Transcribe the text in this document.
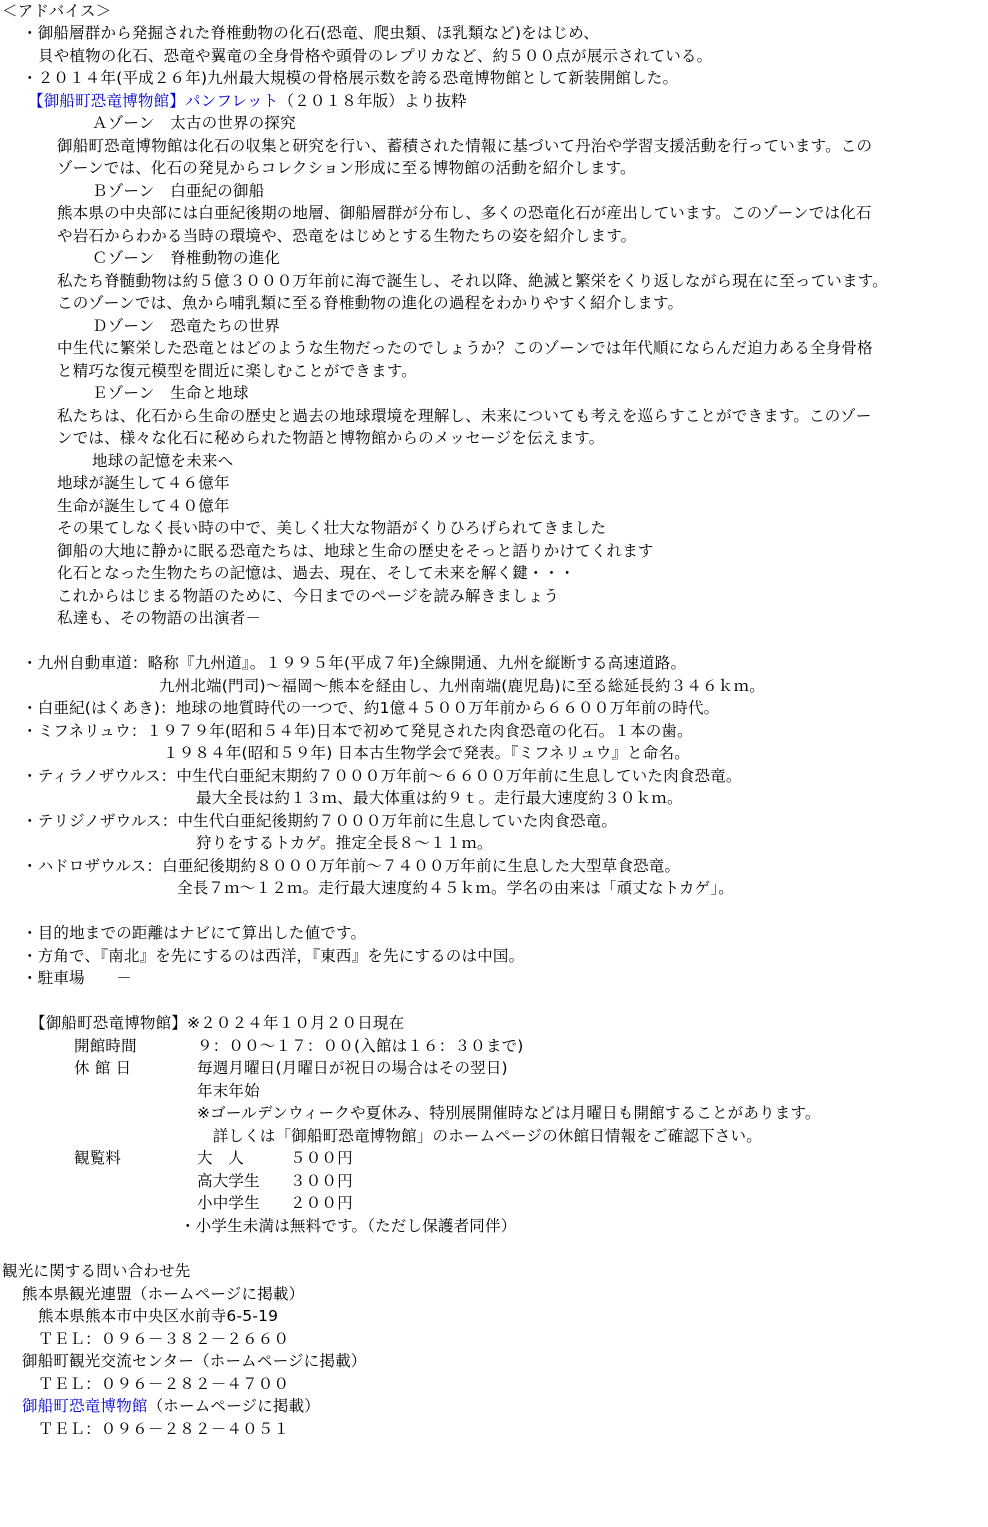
＜アドバイス＞
・御船層群から発掘された脊椎動物の化石(恐竜、爬虫類、ほ乳類など)をはじめ、
貝や植物の化石、恐竜や翼竜の全身骨格や頭骨のレプリカなど、約５００点が展示されている。
・２０１４年(平成２６年)九州最大規模の骨格展示数を誇る恐竜博物館として新装開館した。
【御船町恐竜博物館】パンフレット（２０１８年版）より抜粋
Ａゾーン　太古の世界の探究
御船町恐竜博物館は化石の収集と研究を行い、蓄積された情報に基づいて丹治や学習支援活動を行っています。この
ゾーンでは、化石の発見からコレクション形成に至る博物館の活動を紹介します。
Ｂゾーン　白亜紀の御船
熊本県の中央部には白亜紀後期の地層、御船層群が分布し、多くの恐竜化石が産出しています。このゾーンでは化石
や岩石からわかる当時の環境や、恐竜をはじめとする生物たちの姿を紹介します。
Ｃゾーン　脊椎動物の進化
私たち脊髄動物は約５億３０００万年前に海で誕生し、それ以降、絶滅と繁栄をくり返しながら現在に至っています。
このゾーンでは、魚から哺乳類に至る脊椎動物の進化の過程をわかりやすく紹介します。
Ｄゾーン　恐竜たちの世界
中生代に繁栄した恐竜とはどのような生物だったのでしょうか？このゾーンでは年代順にならんだ迫力ある全身骨格
と精巧な復元模型を間近に楽しむことができます。
Ｅゾーン　生命と地球
私たちは、化石から生命の歴史と過去の地球環境を理解し、未来についても考えを巡らすことができます。このゾー
ンでは、様々な化石に秘められた物語と博物館からのメッセージを伝えます。
地球の記憶を未来へ
地球が誕生して４６億年
生命が誕生して４０億年
その果てしなく長い時の中で、美しく壮大な物語がくりひろげられてきました
御船の大地に静かに眠る恐竜たちは、地球と生命の歴史をそっと語りかけてくれます
化石となった生物たちの記憶は、過去、現在、そして未来を解く鍵・・・
これからはじまる物語のために、今日までのページを読み解きましょう
私達も、その物語の出演者－
・九州自動車道：略称『九州道』。１９９５年(平成７年)全線開通、九州を縦断する高速道路。
九州北端(門司)～福岡～熊本を経由し、九州南端(鹿児島)に至る総延長約３４６ｋｍ。
・白亜紀(はくあき)：地球の地質時代の一つで、約1億４５００万年前から６６００万年前の時代。
・ミフネリュウ：１９７９年(昭和５４年)日本で初めて発見された肉食恐竜の化石。１本の歯。
１９８４年(昭和５９年) 日本古生物学会で発表。『ミフネリュウ』と命名。
・ティラノザウルス：中生代白亜紀末期約７０００万年前～６６００万年前に生息していた肉食恐竜。
最大全長は約１３ｍ、最大体重は約９ｔ。走行最大速度約３０ｋｍ。
・テリジノザウルス：中生代白亜紀後期約７０００万年前に生息していた肉食恐竜。
狩りをするトカゲ。推定全長８～１１ｍ。
・ハドロザウルス：白亜紀後期約８０００万年前～７４００万年前に生息した大型草食恐竜。
全長７ｍ～１２ｍ。走行最大速度約４５ｋｍ。学名の由来は「頑丈なトカゲ」。
・目的地までの距離はナビにて算出した値です。
・方角で、『南北』を先にするのは西洋，『東西』を先にするのは中国。
・駐車場　　－
【御船町恐竜博物館】※２０２４年１０月２０日現在
開館時間	９：００～１７：００(入館は１６：３０まで)
休 館 日	毎週月曜日(月曜日が祝日の場合はその翌日)
年末年始
※ゴールデンウィークや夏休み、特別展開催時などは月曜日も開館することがあります。
　詳しくは「御船町恐竜博物館」のホームページの休館日情報をご確認下さい。
観覧料	大　人	５００円
高大学生 ３００円
小中学生 ２００円
・小学生未満は無料です。（ただし保護者同伴）
観光に関する問い合わせ先
熊本県観光連盟（ホームページに掲載）
熊本県熊本市中央区水前寺6-5-19
ＴＥＬ：０９６－３８２－２６６０
御船町観光交流センター（ホームページに掲載）
ＴＥＬ：０９６－２８２－４７００
御船町恐竜博物館（ホームページに掲載）
ＴＥＬ：０９６－２８２－４０５１
